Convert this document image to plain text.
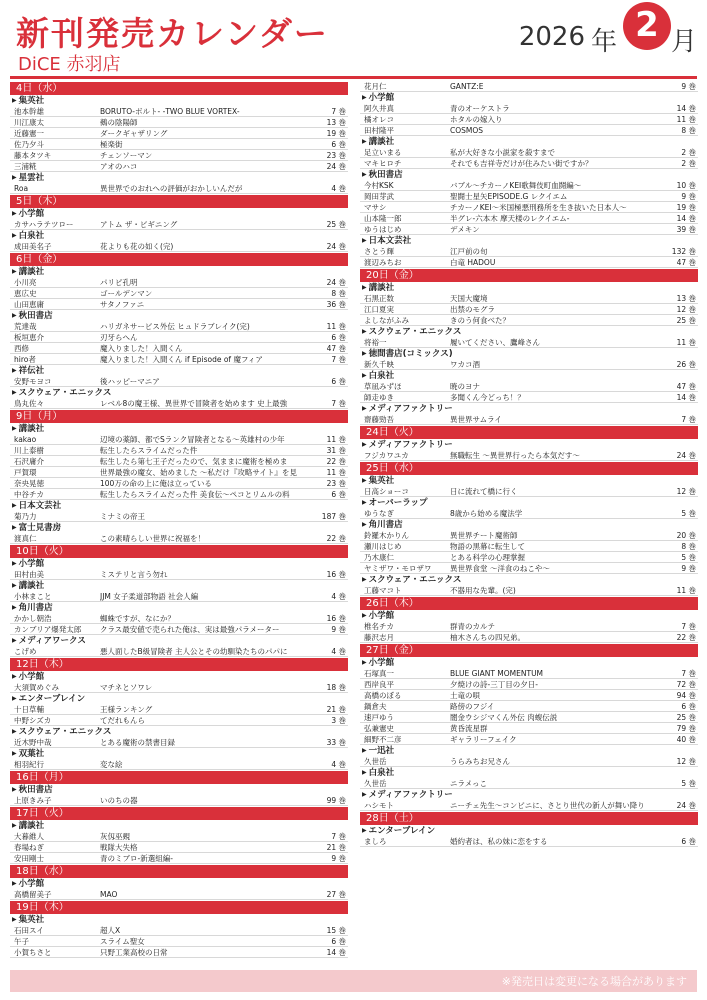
新刊発売カレンダー
DiCE 赤羽店
2026 年 2 月
4日（水）
▶ 集英社
池本幹雄	BORUTO-ボルト- -TWO BLUE VORTEX-	7 巻
川江康太	鵺の陰陽師	13 巻
近藤憲一	ダークギャザリング	19 巻
佐乃夕斗	極楽街	6 巻
藤本タツキ	チェンソーマン	23 巻
三浦糀	アオのハコ	24 巻
▶ 星雲社
Roa	異世界でのおれへの評価がおかしいんだが	4 巻
5日（木）
▶ 小学館
カサハラテツロー	アトム ザ・ビギニング	25 巻
▶ 白泉社
成田美名子	花よりも花の如く(完)	24 巻
6日（金）
▶ 講談社
小川亮	パリピ孔明	24 巻
恵広史	ゴールデンマン	8 巻
山田恵庸	サタノファニ	36 巻
▶ 秋田書店
荒達哉	ハリガネサービス外伝 ヒュドラブレイク(完)	11 巻
板垣恵介	刃牙らへん	6 巻
西修	魔入りました！入間くん	47 巻
hiro者	魔入りました！入間くん if Episode of 魔フィア	7 巻
▶ 祥伝社
安野モヨコ	後ハッピーマニア	6 巻
▶ スクウェア・エニックス
鳥丸佐々	レベル8の魔王様、異世界で冒険者を始めます 史上最強	7 巻
9日（月）
▶ 講談社
kakao	辺境の薬師、都でSランク冒険者となる～英雄村の少年	11 巻
川上泰樹	転生したらスライムだった件	31 巻
石沢庸介	転生したら第七王子だったので、気ままに魔術を極めま	22 巻
戸賀環	世界最強の魔女、始めました ～私だけ『攻略サイト』を見	11 巻
奈央晃徳	100万の命の上に俺は立っている	23 巻
中谷チカ	転生したらスライムだった件 美食伝～ペコとリムルの料	6 巻
▶ 日本文芸社
菊乃力	ミナミの帝王	187 巻
▶ 富士見書房
渡真仁	この素晴らしい世界に祝福を！	22 巻
10日（火）
▶ 小学館
田村由美	ミステリと言う勿れ	16 巻
▶ 講談社
小林まこと	JJM 女子柔道部物語 社会人編	4 巻
▶ 角川書店
かかし朝浩	蜘蛛ですが、なにか？	16 巻
カンブリア爆発太郎	クラス最安値で売られた俺は、実は最強パラメーター	9 巻
▶ メディアワークス
こげめ	悪人面したB級冒険者 主人公とその幼馴染たちのパパに	4 巻
12日（木）
▶ 小学館
大須賀めぐみ	マチネとソワレ	18 巻
▶ エンターブレイン
十日草輔	王様ランキング	21 巻
中野シズカ	てだれもんら	3 巻
▶ スクウェア・エニックス
近木野中哉	とある魔術の禁書目録	33 巻
▶ 双葉社
相羽紀行	変な絵	4 巻
16日（月）
▶ 秋田書店
上原きみ子	いのちの器	99 巻
17日（火）
▶ 講談社
大暮維人	灰仭巫覡	7 巻
春場ねぎ	戦隊大失格	21 巻
安田剛士	青のミブロ-新選組編-	9 巻
18日（水）
▶ 小学館
高橋留美子	MAO	27 巻
19日（木）
▶ 集英社
石田スイ	超人X	15 巻
午子	スライム聖女	6 巻
小賀ちさと	只野工業高校の日常	14 巻
花月仁	GANTZ:E	9 巻
▶ 小学館
阿久井真	青のオーケストラ	14 巻
橘オレコ	ホタルの嫁入り	11 巻
田村隆平	COSMOS	8 巻
▶ 講談社
足立いまる	私が大好きな小説家を殺すまで	2 巻
マキヒロチ	それでも吉祥寺だけが住みたい街ですか？	2 巻
▶ 秋田書店
今村KSK	バブル～チカーノKEI歌舞伎町血闘編～	10 巻
岡田芽武	聖闘士星矢EPISODE.G レクイエム	9 巻
マサシ	チカーノKEI～米国極悪刑務所を生き抜いた日本人～	19 巻
山本隆一郎	半グレ-六本木 摩天楼のレクイエム-	14 巻
ゆうはじめ	デメキン	39 巻
▶ 日本文芸社
さとう輝	江戸前の旬	132 巻
渡辺みちお	白竜 HADOU	47 巻
20日（金）
▶ 講談社
石黒正数	天国大魔境	13 巻
江口夏実	出禁のモグラ	12 巻
よしながふみ	きのう何食べた？	25 巻
▶ スクウェア・エニックス
将裕一	履いてください、鷹峰さん	11 巻
▶ 徳間書店(コミックス)
新久千映	ワカコ酒	26 巻
▶ 白泉社
草凪みずほ	暁のヨナ	47 巻
師走ゆき	多聞くん今どっち！？	14 巻
▶ メディアファクトリー
齋藤勁吾	異世界サムライ	7 巻
24日（火）
▶ メディアファクトリー
フジカワユカ	無職転生 ～異世界行ったら本気だす～	24 巻
25日（水）
▶ 集英社
日高ショーコ	日に流れて橋に行く	12 巻
▶ オーバーラップ
ゆうなぎ	8歳から始める魔法学	5 巻
▶ 角川書店
鈴羅木かりん	異世界チート魔術師	20 巻
瀬川はじめ	物語の黒幕に転生して	8 巻
乃木康仁	とある科学の心理掌握	5 巻
ヤミザワ・モロザワ	異世界食堂 ～洋食のねこや～	9 巻
▶ スクウェア・エニックス
工藤マコト	不器用な先輩。(完)	11 巻
26日（木）
▶ 小学館
椎名チカ	群青のカルテ	7 巻
藤沢志月	柚木さんちの四兄弟。	22 巻
27日（金）
▶ 小学館
石塚真一	BLUE GIANT MOMENTUM	7 巻
西岸良平	夕焼けの詩-三丁目の夕日-	72 巻
高橋のぼる	土竜の唄	94 巻
鍋倉夫	路傍のフジイ	6 巻
速戸ゆう	闇金ウシジマくん外伝 肉蝮伝説	25 巻
弘兼憲史	黄昏流星群	79 巻
細野不二彦	ギャラリーフェイク	40 巻
▶ 一迅社
久世岳	うらみちお兄さん	12 巻
▶ 白泉社
久世岳	ニラメっこ	5 巻
▶ メディアファクトリー
ハシモト	ニーチェ先生～コンビニに、さとり世代の新人が舞い降り	24 巻
28日（土）
▶ エンターブレイン
ましろ	婚約者は、私の妹に恋をする	6 巻
※発売日は変更になる場合があります
